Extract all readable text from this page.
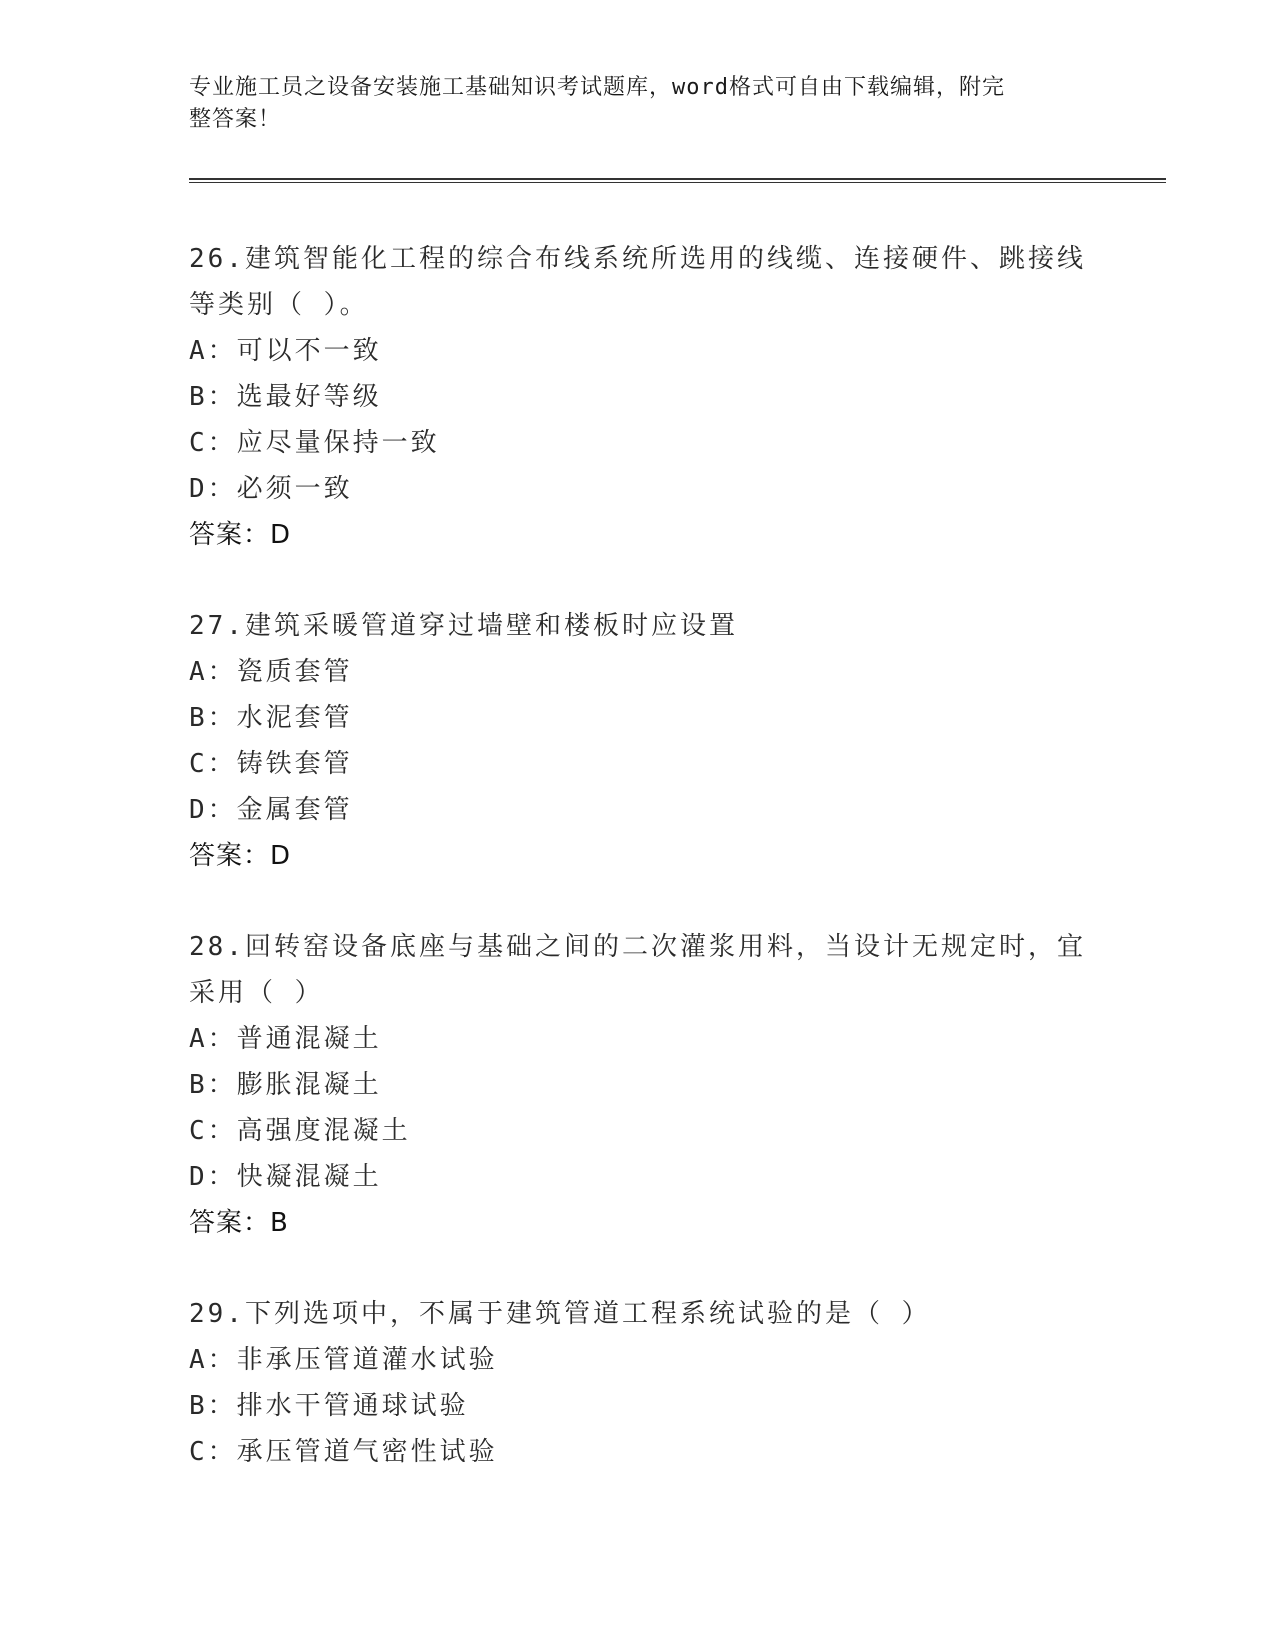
专业施工员之设备安装施工基础知识考试题库，word格式可自由下载编辑，附完
整答案！
26.建筑智能化工程的综合布线系统所选用的线缆、连接硬件、跳接线
等类别（ ）。
A：可以不一致
B：选最好等级
C：应尽量保持一致
D：必须一致
答案：D
27.建筑采暖管道穿过墙壁和楼板时应设置
A：瓷质套管
B：水泥套管
C：铸铁套管
D：金属套管
答案：D
28.回转窑设备底座与基础之间的二次灌浆用料，当设计无规定时，宜
采用（ ）
A：普通混凝土
B：膨胀混凝土
C：高强度混凝土
D：快凝混凝土
答案：B
29.下列选项中，不属于建筑管道工程系统试验的是（ ）
A：非承压管道灌水试验
B：排水干管通球试验
C：承压管道气密性试验
